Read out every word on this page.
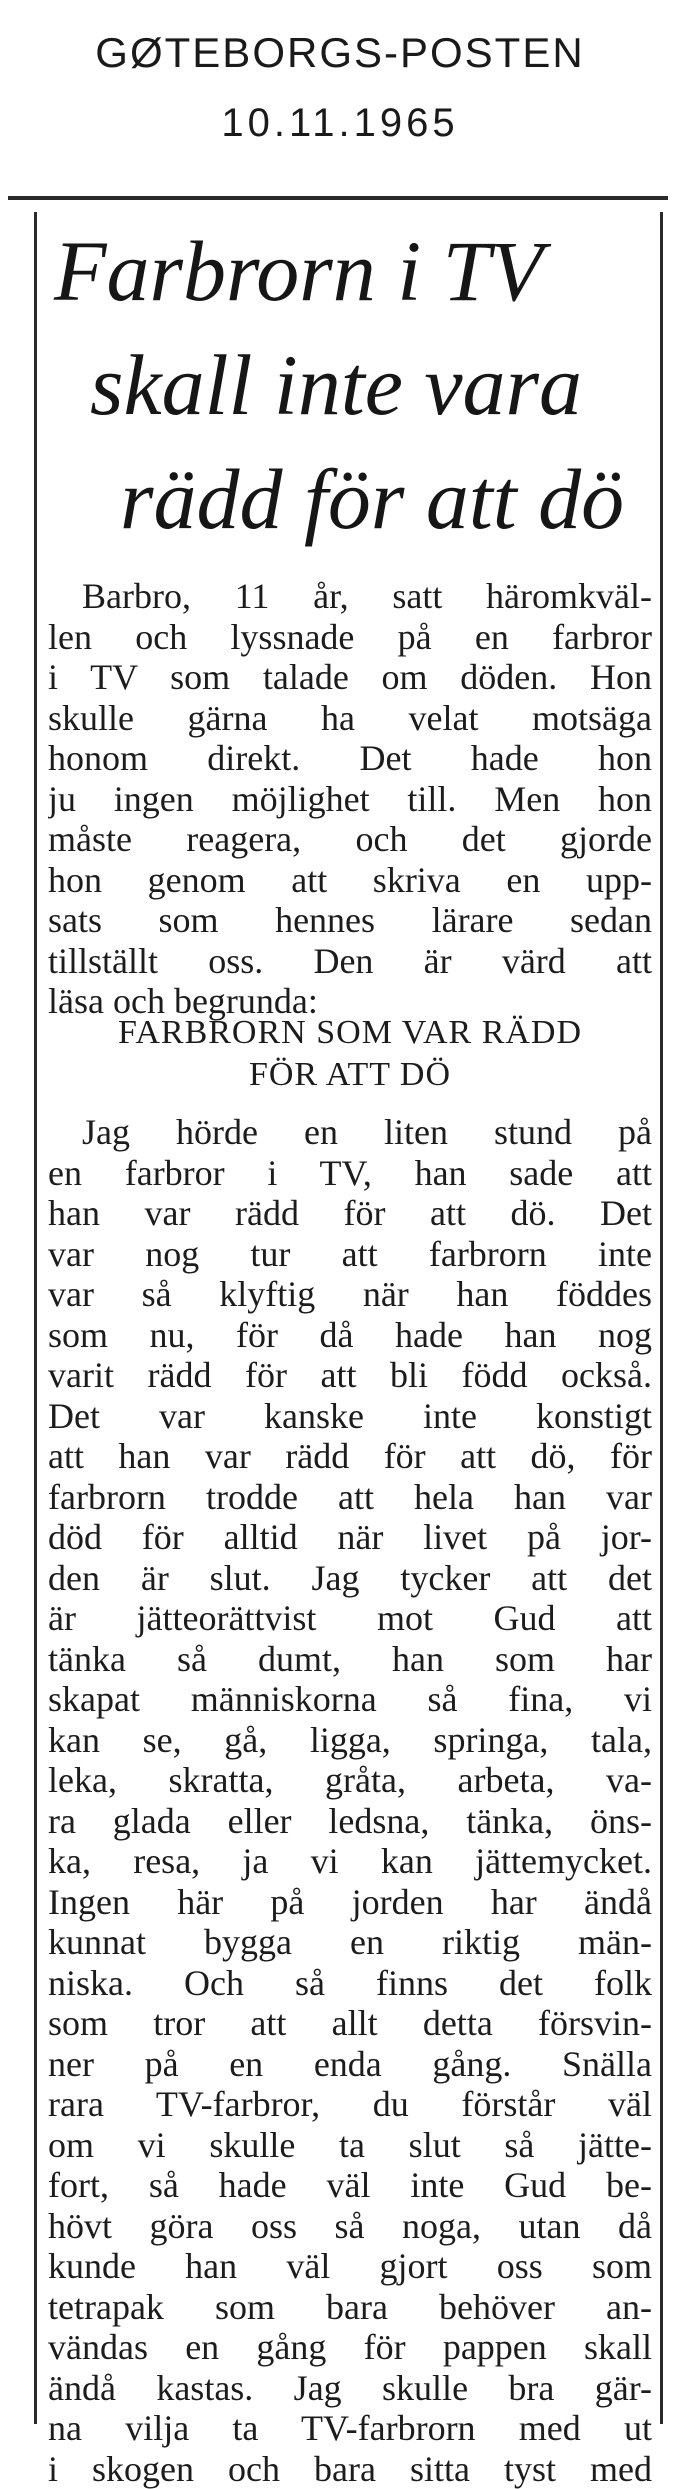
GØTEBORGS-POSTEN
10.11.1965
Farbrorn i TV
skall inte vara
rädd för att dö
Barbro, 11 år, satt häromkväl-
len och lyssnade på en farbror
i TV som talade om döden. Hon
skulle gärna ha velat motsäga
honom direkt. Det hade hon
ju ingen möjlighet till. Men hon
måste reagera, och det gjorde
hon genom att skriva en upp-
sats som hennes lärare sedan
tillställt oss. Den är värd att
läsa och begrunda:
FARBRORN SOM VAR RÄDD
FÖR ATT DÖ
Jag hörde en liten stund på
en farbror i TV, han sade att
han var rädd för att dö. Det
var nog tur att farbrorn inte
var så klyftig när han föddes
som nu, för då hade han nog
varit rädd för att bli född också.
Det var kanske inte konstigt
att han var rädd för att dö, för
farbrorn trodde att hela han var
död för alltid när livet på jor-
den är slut. Jag tycker att det
är jätteorättvist mot Gud att
tänka så dumt, han som har
skapat människorna så fina, vi
kan se, gå, ligga, springa, tala,
leka, skratta, gråta, arbeta, va-
ra glada eller ledsna, tänka, öns-
ka, resa, ja vi kan jättemycket.
Ingen här på jorden har ändå
kunnat bygga en riktig män-
niska. Och så finns det folk
som tror att allt detta försvin-
ner på en enda gång. Snälla
rara TV-farbror, du förstår väl
om vi skulle ta slut så jätte-
fort, så hade väl inte Gud be-
hövt göra oss så noga, utan då
kunde han väl gjort oss som
tetrapak som bara behöver an-
vändas en gång för pappen skall
ändå kastas. Jag skulle bra gär-
na vilja ta TV-farbrorn med ut
i skogen och bara sitta tyst med
